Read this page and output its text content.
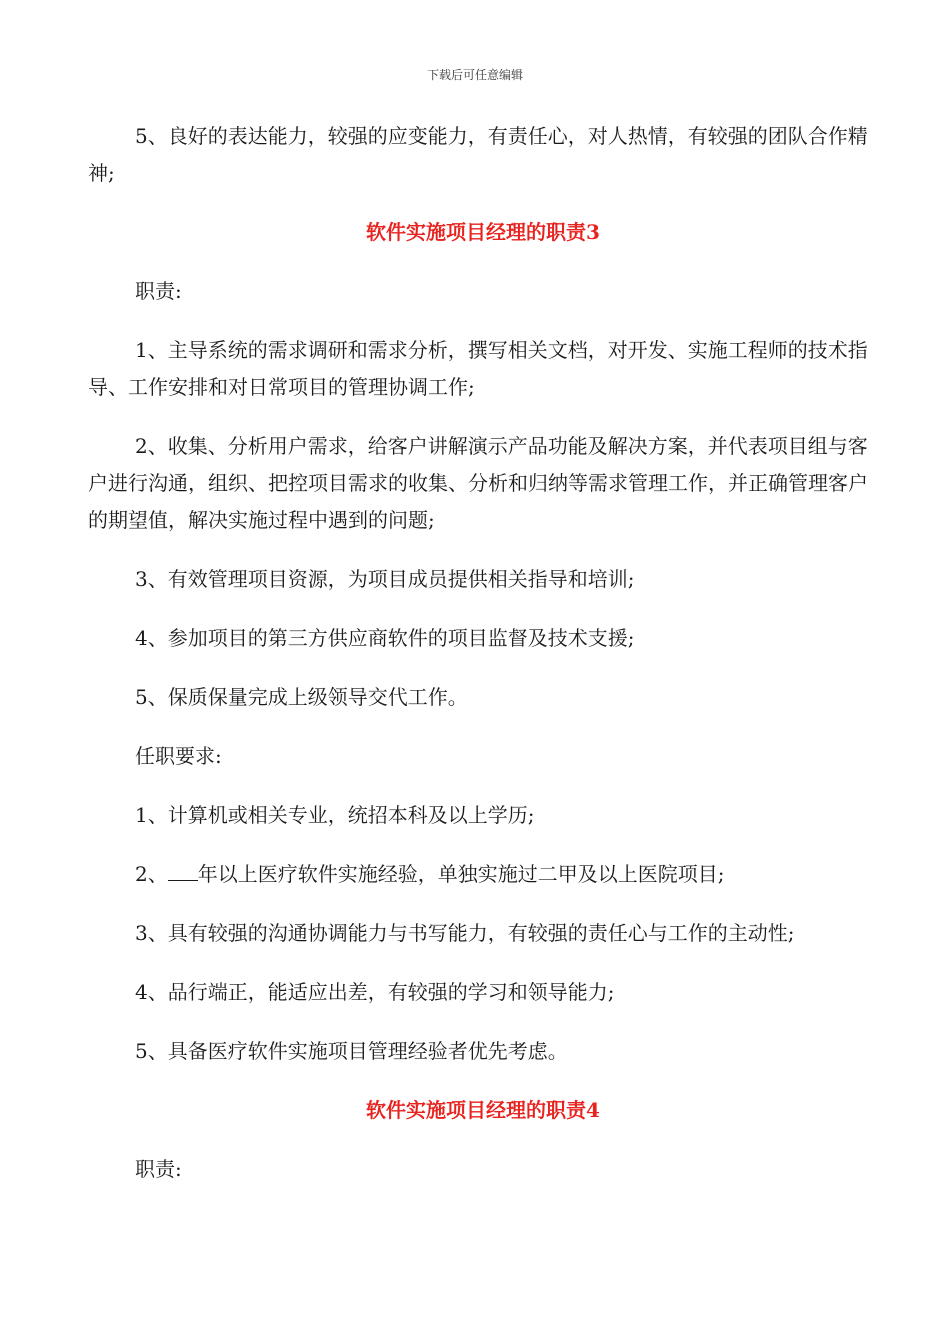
下载后可任意编辑

5、良好的表达能力，较强的应变能力，有责任心，对人热情，有较强的团队合作精神;

软件实施项目经理的职责3

职责:

1、主导系统的需求调研和需求分析，撰写相关文档，对开发、实施工程师的技术指导、工作安排和对日常项目的管理协调工作;

2、收集、分析用户需求，给客户讲解演示产品功能及解决方案，并代表项目组与客户进行沟通，组织、把控项目需求的收集、分析和归纳等需求管理工作，并正确管理客户的期望值，解决实施过程中遇到的问题;

3、有效管理项目资源，为项目成员提供相关指导和培训;

4、参加项目的第三方供应商软件的项目监督及技术支援;

5、保质保量完成上级领导交代工作。

任职要求:

1、计算机或相关专业，统招本科及以上学历;

2、 年以上医疗软件实施经验，单独实施过二甲及以上医院项目;

3、具有较强的沟通协调能力与书写能力，有较强的责任心与工作的主动性;

4、品行端正，能适应出差，有较强的学习和领导能力;

5、具备医疗软件实施项目管理经验者优先考虑。

软件实施项目经理的职责4

职责:
